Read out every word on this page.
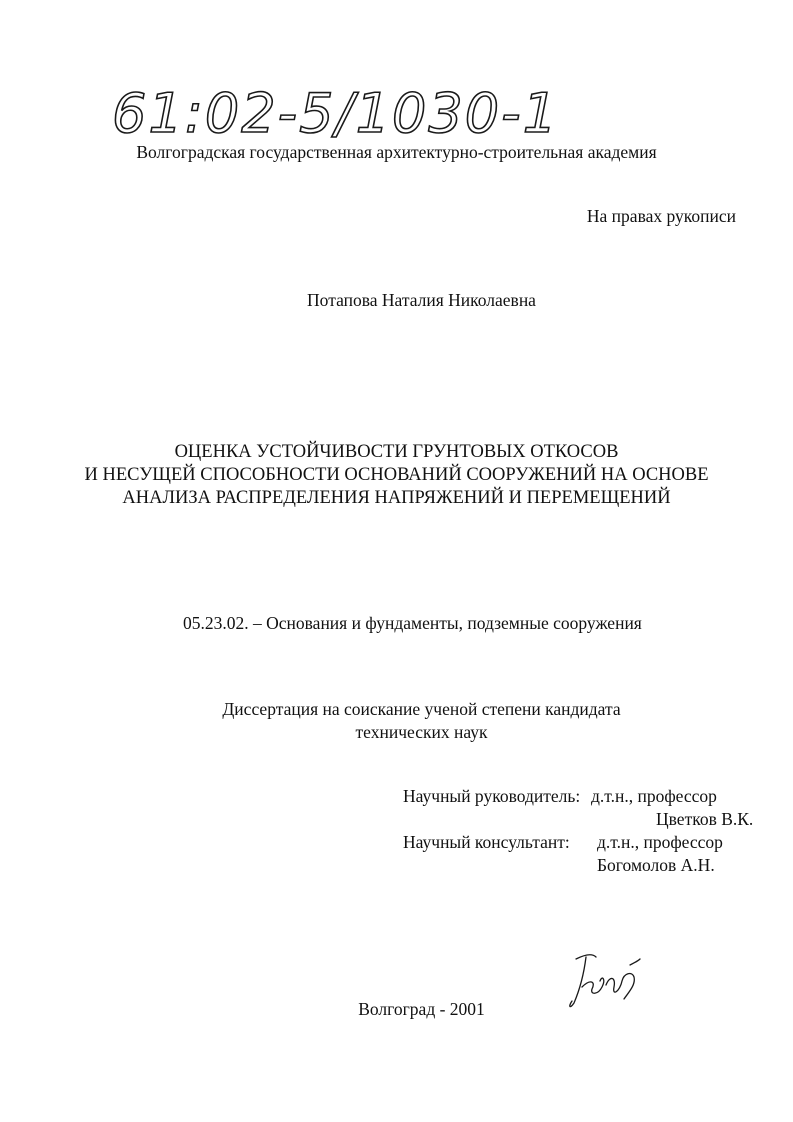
61:02-5/1030-1
Волгоградская государственная архитектурно-строительная академия
На правах рукописи
Потапова Наталия Николаевна
ОЦЕНКА УСТОЙЧИВОСТИ ГРУНТОВЫХ ОТКОСОВ
И НЕСУЩЕЙ СПОСОБНОСТИ ОСНОВАНИЙ СООРУЖЕНИЙ НА ОСНОВЕ
АНАЛИЗА РАСПРЕДЕЛЕНИЯ НАПРЯЖЕНИЙ И ПЕРЕМЕЩЕНИЙ
05.23.02. – Основания и фундаменты, подземные сооружения
Диссертация на соискание ученой степени кандидата
технических наук
Научный руководитель: д.т.н., профессор
Цветков В.К.
Научный консультант:	д.т.н., профессор
Богомолов А.Н.
Волгоград - 2001
